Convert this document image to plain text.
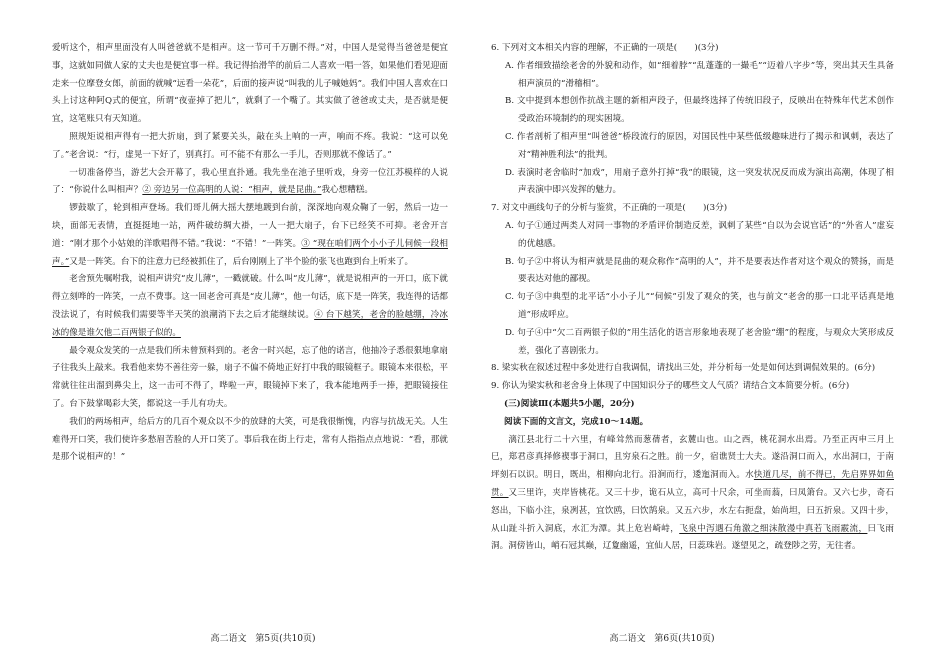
爱听这个，相声里面没有人叫爸爸就不是相声。这一节可千万删不得。”对，中国人是觉得当爸爸是便宜事，这就如同做人家的丈夫也是便宜事一样。我记得抬滑竿的前后二人喜欢一唱一答，如果他们看见迎面走来一位摩登女郎，前面的就喊“远看一朵花”，后面的接声说“叫我的儿子喊她妈”。我们中国人喜欢在口头上讨这种阿Q式的便宜，所谓“夜壶掉了把儿”，就剩了一个嘴了。其实做了爸爸或丈夫，是否就是便宜，这笔账只有天知道。

照规矩说相声得有一把大折扇，到了紧要关头，敲在头上响的一声，响而不疼。我说：“这可以免了。”老舍说：“行，虚晃一下好了，别真打。可不能不有那么一手儿，否则那就不像话了。”

一切准备停当，游艺大会开幕了，我心里直扑通。我先坐在池子里听戏，身旁一位江苏模样的人说了：“你说什么叫相声？② 旁边另一位高明的人说：“相声，就是昆曲。”我心想糟糕。

锣鼓歇了，轮到相声登场。我们哥儿俩大摇大摆地踱到台前，深深地向观众鞠了一躬，然后一边一块，面部无表情，直挺挺地一站，两件破纺绸大褂，一人一把大扇子，台下已经笑不可抑。老舍开言道：“刚才那个小姑娘的洋歌唱得不错。”我说：“不错！”一阵笑。③ “现在咱们两个小小子儿伺候一段相声。”又是一阵笑。台下的注意力已经被抓住了，后台刚刚上了半个脸的张飞也跑到台上听来了。

老舍预先嘱咐我，说相声讲究“皮儿薄”，一戳就破。什么叫“皮儿薄”，就是说相声的一开口，底下就得立刻哗的一阵笑，一点不费事。这一回老舍可真是“皮儿薄”，他一句话，底下是一阵笑，我连得的话都没法说了，有时候我们需要等半天笑的浪潮消下去之后才能继续说。④ 台下越笑，老舍的脸越绷，冷冰冰的像是谁欠他二百两银子似的。

最令观众发笑的一点是我们所未曾预料到的。老舍一时兴起，忘了他的诺言，他抽冷子悉很狠地拿扇子往我头上敲来。我看他来势不善往旁一躲，扇子不偏不倚地正好打中我的眼镜框子。眼镜本来很松，平常就往往出溜到鼻尖上，这一击可不得了，哗啦一声，眼镜掉下来了，我本能地两手一捧，把眼镜接住了。台下鼓掌喝彩大笑，都说这一手儿有功夫。

我们的两场相声，给后方的几百个观众以不少的放肆的大笑，可是我很惭愧，内容与抗战无关。人生难得开口笑，我们使许多愁眉苦脸的人开口笑了。事后我在街上行走，常有人指指点点地说：“看，那就是那个说相声的！”

高二语文 第5页(共10页)

6. 下列对文本相关内容的理解，不正确的一项是(　　)(3分)

A. 作者细致描绘老舍的外貌和动作，如“细着脖”“乱蓬蓬的一撮毛”“迈着八字步”等，突出其天生具备相声演员的“滑稽相”。

B. 文中提到本想创作抗战主题的新相声段子，但最终选择了传统旧段子，反映出在特殊年代艺术创作受政治环境制约的现实困境。

C. 作者剖析了相声里“叫爸爸”桥段流行的原因，对国民性中某些低级趣味进行了揭示和讽刺，表达了对“精神胜利法”的批判。

D. 表演时老舍临时“加戏”，用扇子意外打掉“我”的眼镜，这一突发状况反而成为演出高潮，体现了相声表演中即兴发挥的魅力。

7. 对文中画线句子的分析与鉴赏，不正确的一项是(　　)(3分)

A. 句子①通过两类人对同一事物的矛盾评价制造反差，讽刺了某些“自以为会说官话”的“外省人”虚妄的优越感。

B. 句子②中将认为相声就是昆曲的观众称作“高明的人”，并不是要表达作者对这个观众的赞扬，而是要表达对他的鄙视。

C. 句子③中典型的北平话“小小子儿”“伺候”引发了观众的笑，也与前文“老舍的那一口北平话真是地道”形成呼应。

D. 句子④中“欠二百两银子似的”用生活化的语言形象地表现了老舍脸“绷”的程度，与观众大笑形成反差，强化了喜剧张力。

8. 梁实秋在叙述过程中多处进行自我调侃，请找出三处，并分析每一处是如何达到调侃效果的。(6分)

9. 你认为梁实秋和老舍身上体现了中国知识分子的哪些文人气质？请结合文本简要分析。(6分)

(三)阅读Ⅲ(本题共5小题，20分)

阅读下面的文言文，完成10～14题。

漓江县北行二十六里，有峰耸然而葱蒨者，玄麓山也。山之西，桃花洞水出焉。乃至正丙申三月上巳，郑君彦真择修褉事于洞口，且穷泉石之胜。前一夕，宿谯贤士大夫。遂沿洞口而入，水出洞口，于南坪刻石以识。明日，既出，相柳向北行。沿涧而行，逶迤洞而入。水快道几尽，前不得已，先启界界如鱼贯。又三里许，夹岸皆桃花。又三十步，诡石从立，高可十尺余，可坐而蓊，曰凤箫台。又六七步，奇石怒出，下临小注，泉冽甚，宜饮鸥，曰饮鹄泉。又五六步，水左右扼盘，始尚坦，曰五折泉。又四十步，从山趾斗折入洞底，水汇为潭。其上危岩崎峙，飞泉中泻遇石角激之细沫散漫中真若飞雨霰流，曰飞雨洞。洞傍皆山，峭石冠其巅，辽夐幽遥，宜仙人居，曰蕊珠岩。遂望见之，疏登陟之劳，无往者。

高二语文 第6页(共10页)
